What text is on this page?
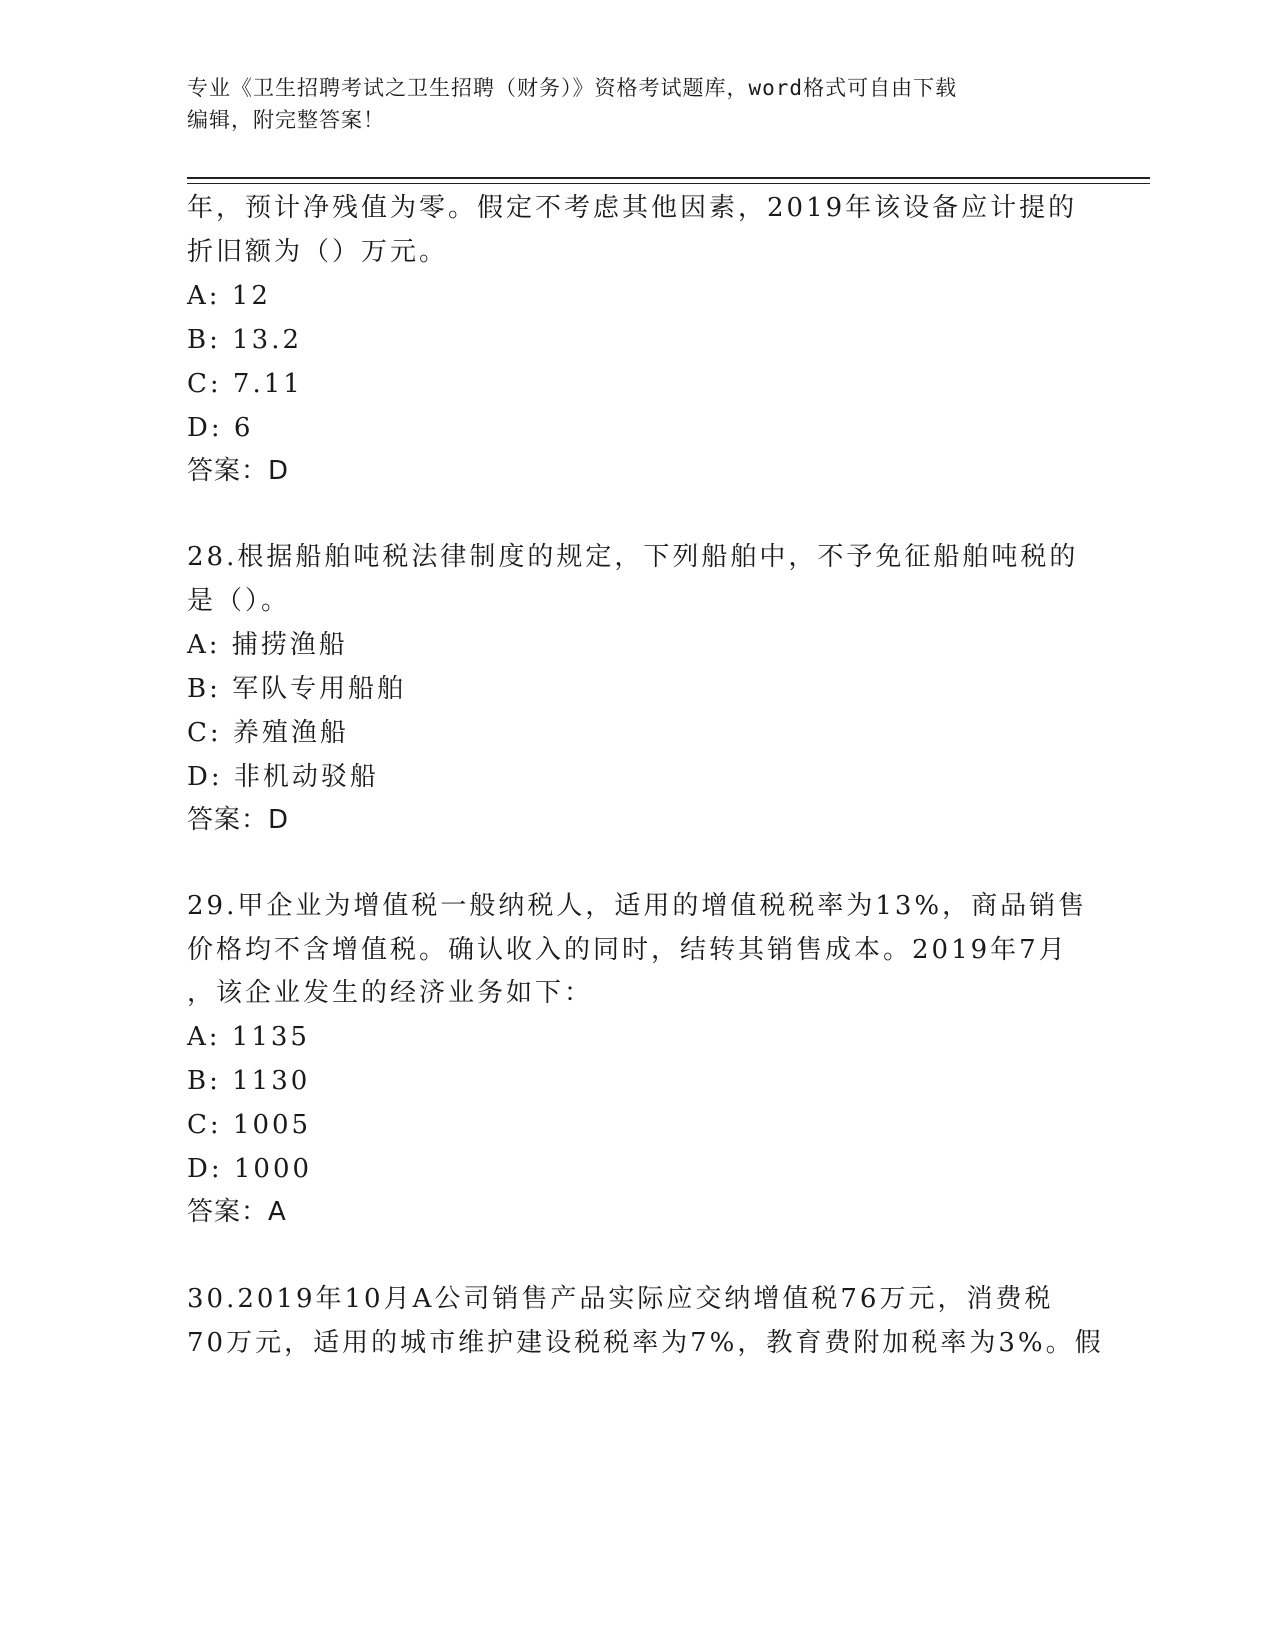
专业《卫生招聘考试之卫生招聘（财务）》资格考试题库，word格式可自由下载
编辑，附完整答案！
年，预计净残值为零。假定不考虑其他因素，2019年该设备应计提的
折旧额为（）万元。
A: 12
B: 13.2
C: 7.11
D: 6
答案：D
28.根据船舶吨税法律制度的规定，下列船舶中，不予免征船舶吨税的
是（）。
A: 捕捞渔船
B: 军队专用船舶
C: 养殖渔船
D: 非机动驳船
答案：D
29.甲企业为增值税一般纳税人，适用的增值税税率为13%，商品销售
价格均不含增值税。确认收入的同时，结转其销售成本。2019年7月
，该企业发生的经济业务如下：
A: 1135
B: 1130
C: 1005
D: 1000
答案：A
30.2019年10月A公司销售产品实际应交纳增值税76万元，消费税
70万元，适用的城市维护建设税税率为7%，教育费附加税率为3%。假
